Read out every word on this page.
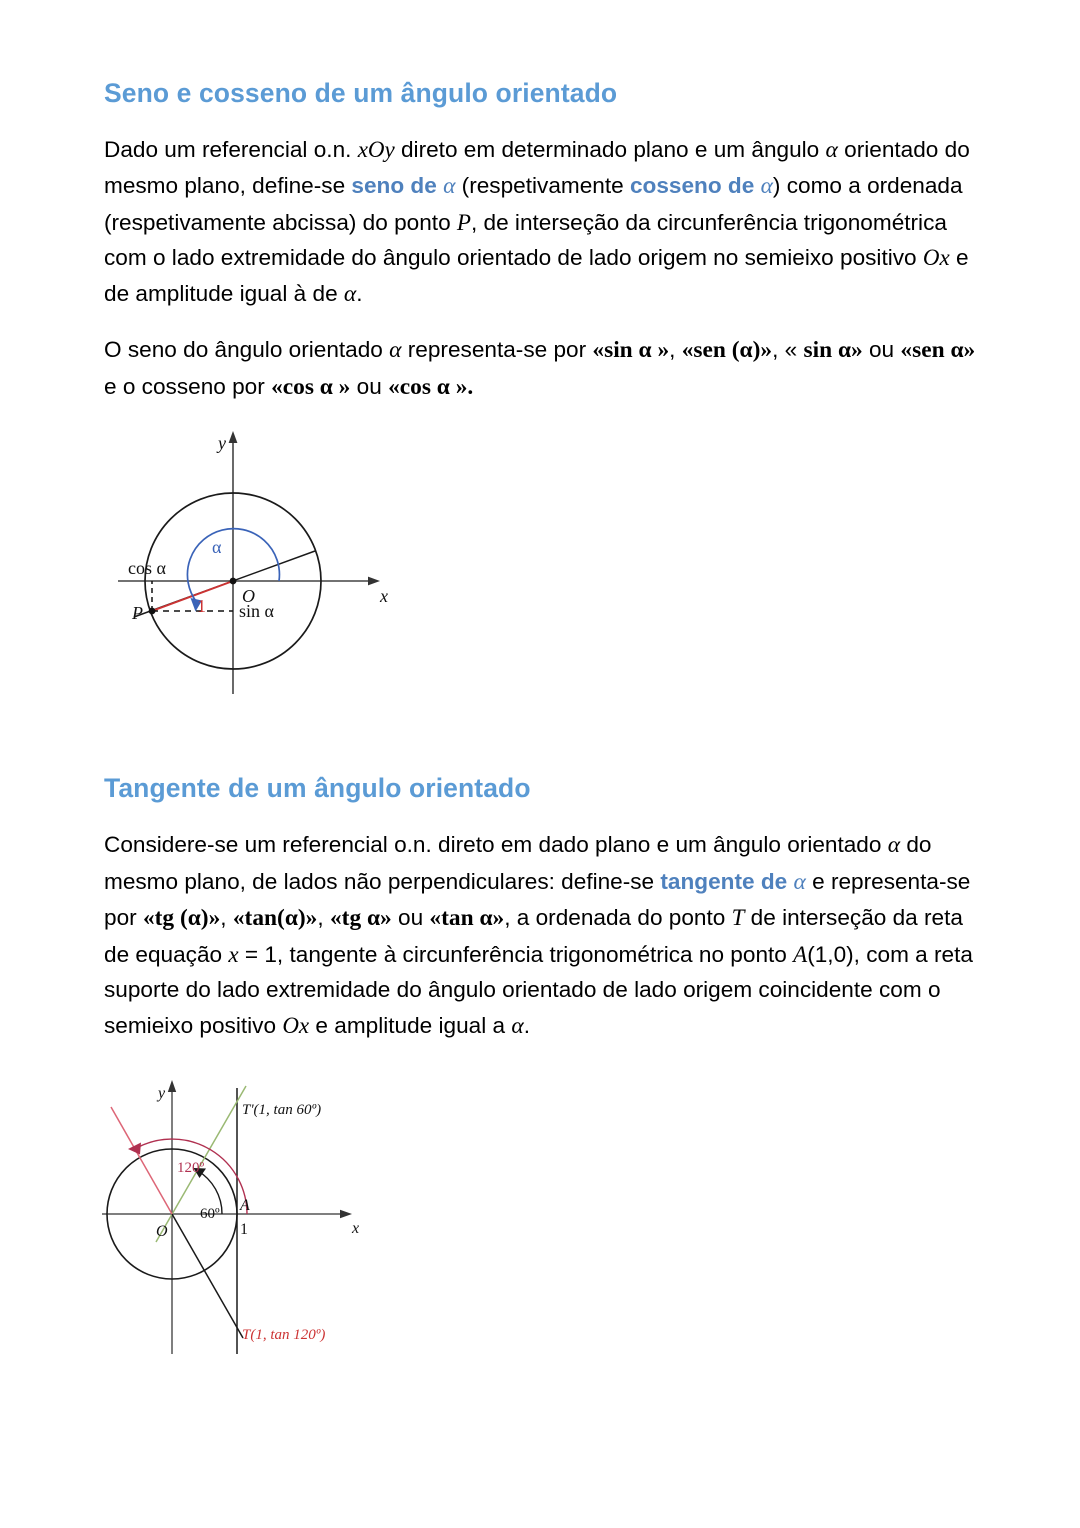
Seno e cosseno de um ângulo orientado

Dado um referencial o.n. xOy direto em determinado plano e um ângulo α orientado do mesmo plano, define-se seno de α (respetivamente cosseno de α) como a ordenada (respetivamente abcissa) do ponto P, de interseção da circunferência trigonométrica com o lado extremidade do ângulo orientado de lado origem no semieixo positivo Ox e de amplitude igual à de α.

O seno do ângulo orientado α representa-se por «sin α », «sen (α)», « sin α» ou «sen α» e o cosseno por «cos α » ou «cos α ».

y
x
O
P
α
1
cos α
sin α
Tangente de um ângulo orientado

Considere-se um referencial o.n. direto em dado plano e um ângulo orientado α do mesmo plano, de lados não perpendiculares: define-se tangente de α e representa-se por «tg (α)», «tan(α)», «tg α» ou «tan α», a ordenada do ponto T de interseção da reta de equação x = 1, tangente à circunferência trigonométrica no ponto A(1,0), com a reta suporte do lado extremidade do ângulo orientado de lado origem coincidente com o semieixo positivo Ox e amplitude igual a α.

y
x
O
A
1
60º
120º
T'(1, tan 60º)
T(1, tan 120º)
